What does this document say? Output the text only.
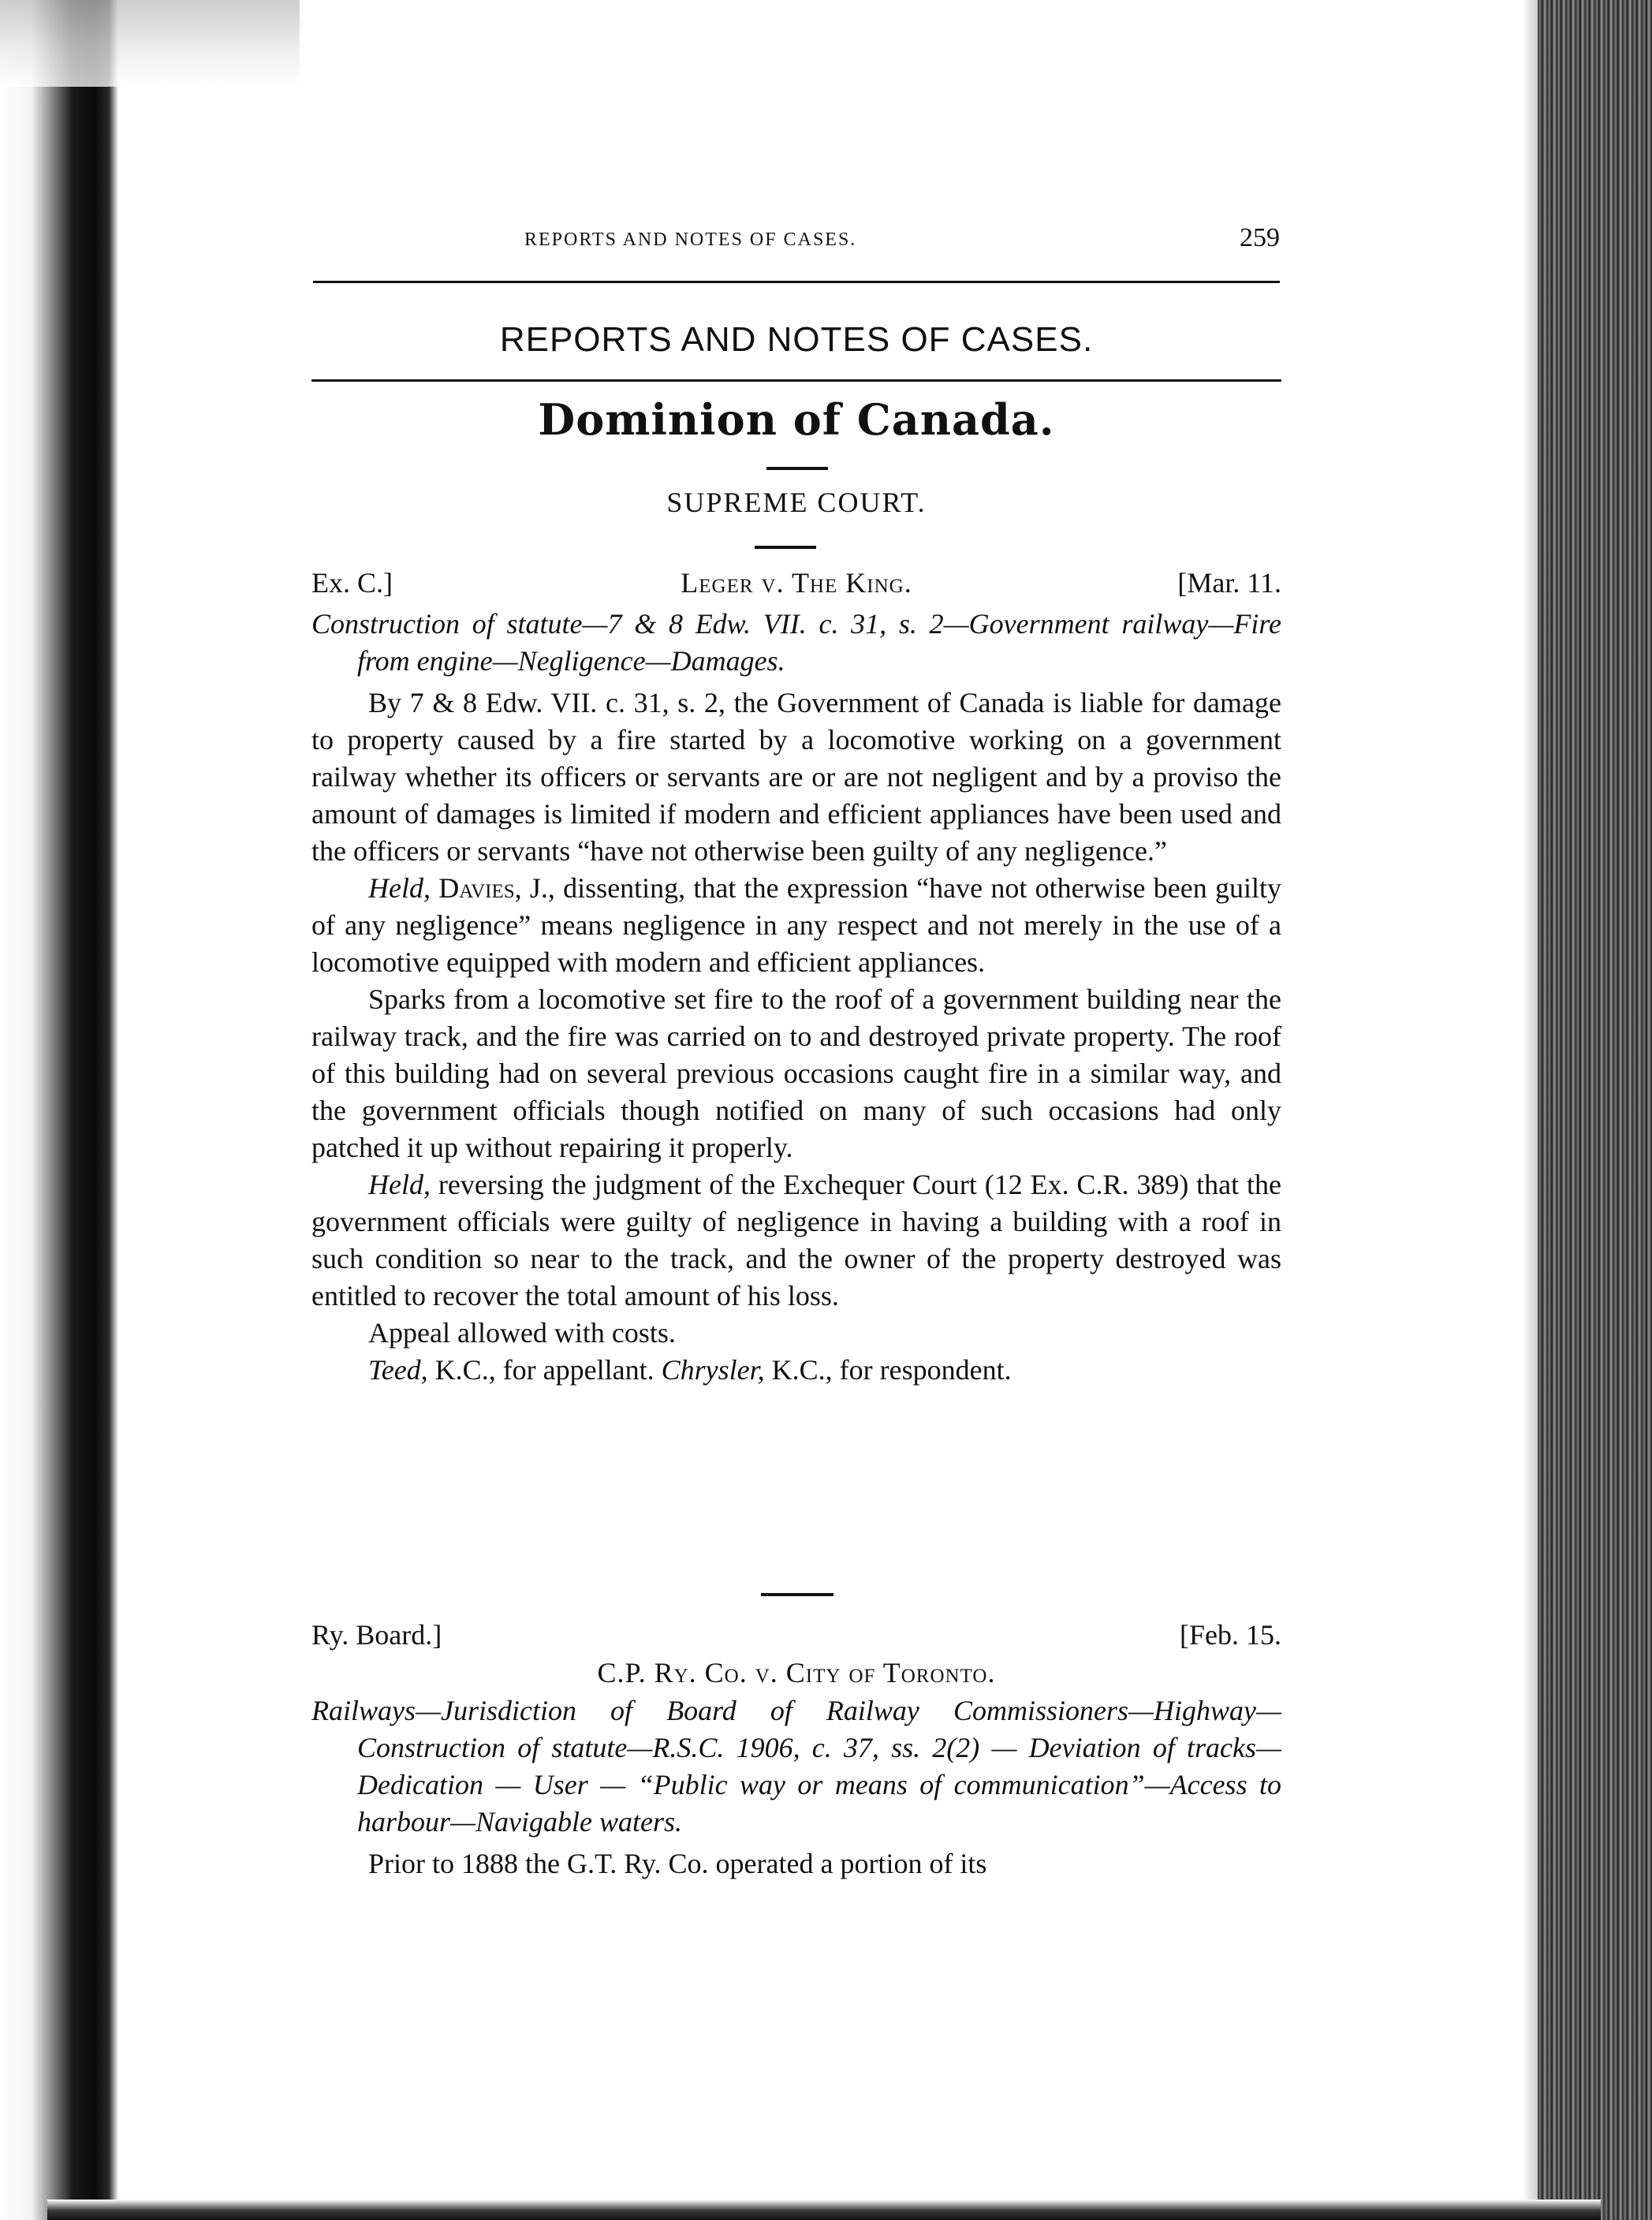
REPORTS AND NOTES OF CASES.	259
REPORTS AND NOTES OF CASES.
Dominion of Canada.
SUPREME COURT.
Ex. C.]	Leger v. The King.	[Mar. 11.

Construction of statute—7 & 8 Edw. VII. c. 31, s. 2—Government railway—Fire from engine—Negligence—Damages.

By 7 & 8 Edw. VII. c. 31, s. 2, the Government of Canada is liable for damage to property caused by a fire started by a locomotive working on a government railway whether its officers or servants are or are not negligent and by a proviso the amount of damages is limited if modern and efficient appliances have been used and the officers or servants “have not otherwise been guilty of any negligence.”

Held, Davies, J., dissenting, that the expression “have not otherwise been guilty of any negligence” means negligence in any respect and not merely in the use of a locomotive equipped with modern and efficient appliances.

Sparks from a locomotive set fire to the roof of a government building near the railway track, and the fire was carried on to and destroyed private property. The roof of this building had on several previous occasions caught fire in a similar way, and the government officials though notified on many of such occasions had only patched it up without repairing it properly.

Held, reversing the judgment of the Exchequer Court (12 Ex. C.R. 389) that the government officials were guilty of negligence in having a building with a roof in such condition so near to the track, and the owner of the property destroyed was entitled to recover the total amount of his loss.

Appeal allowed with costs.

Teed, K.C., for appellant. Chrysler, K.C., for respondent.

Ry. Board.]	[Feb. 15.
C.P. Ry. Co. v. City of Toronto.

Railways—Jurisdiction of Board of Railway Commissioners—Highway—Construction of statute—R.S.C. 1906, c. 37, ss. 2(2) — Deviation of tracks—Dedication — User — “Public way or means of communication”—Access to harbour—Navigable waters.

Prior to 1888 the G.T. Ry. Co. operated a portion of its
